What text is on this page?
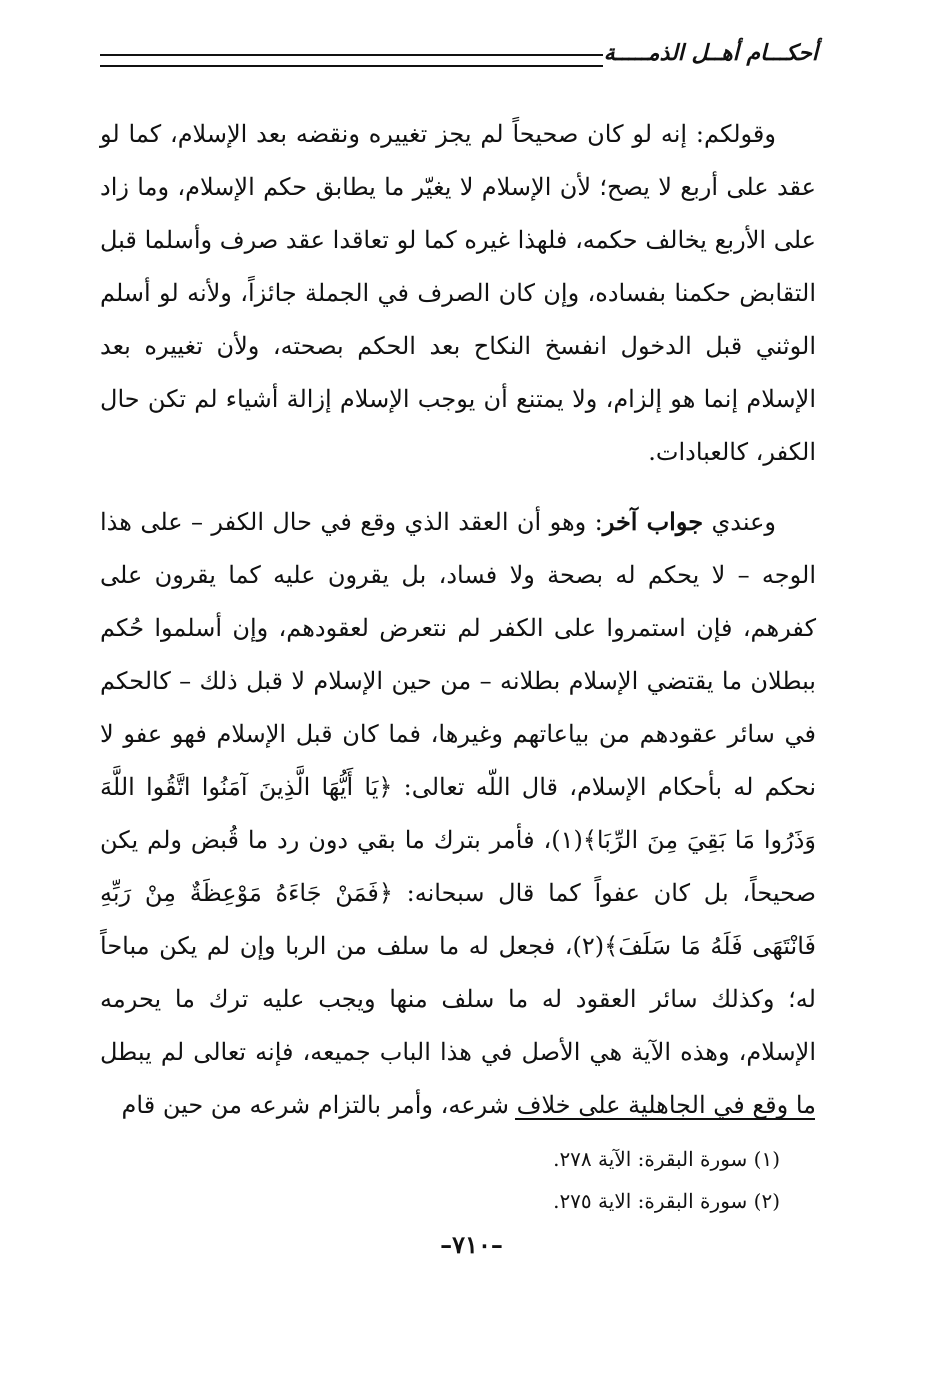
أحكـــام أهــل الذمـــــة

وقولكم: إنه لو كان صحيحاً لم يجز تغييره ونقضه بعد الإسلام، كما لو عقد على أربع لا يصح؛ لأن الإسلام لا يغيّر ما يطابق حكم الإسلام، وما زاد على الأربع يخالف حكمه، فلهذا غيره كما لو تعاقدا عقد صرف وأسلما قبل التقابض حكمنا بفساده، وإن كان الصرف في الجملة جائزاً، ولأنه لو أسلم الوثني قبل الدخول انفسخ النكاح بعد الحكم بصحته، ولأن تغييره بعد الإسلام إنما هو إلزام، ولا يمتنع أن يوجب الإسلام إزالة أشياء لم تكن حال الكفر، كالعبادات.

وعندي جواب آخر: وهو أن العقد الذي وقع في حال الكفر – على هذا الوجه – لا يحكم له بصحة ولا فساد، بل يقرون عليه كما يقرون على كفرهم، فإن استمروا على الكفر لم نتعرض لعقودهم، وإن أسلموا حُكم ببطلان ما يقتضي الإسلام بطلانه – من حين الإسلام لا قبل ذلك – كالحكم في سائر عقودهم من بياعاتهم وغيرها، فما كان قبل الإسلام فهو عفو لا نحكم له بأحكام الإسلام، قال اللّه تعالى: ﴿يَا أَيُّهَا الَّذِينَ آمَنُوا اتَّقُوا اللَّهَ وَذَرُوا مَا بَقِيَ مِنَ الرِّبَا﴾(١)، فأمر بترك ما بقي دون رد ما قُبض ولم يكن صحيحاً، بل كان عفواً كما قال سبحانه: ﴿فَمَنْ جَاءَهُ مَوْعِظَةٌ مِنْ رَبِّهِ فَانْتَهَى فَلَهُ مَا سَلَفَ﴾(٢)، فجعل له ما سلف من الربا وإن لم يكن مباحاً له؛ وكذلك سائر العقود له ما سلف منها ويجب عليه ترك ما يحرمه الإسلام، وهذه الآية هي الأصل في هذا الباب جميعه، فإنه تعالى لم يبطل ما وقع في الجاهلية على خلاف شرعه، وأمر بالتزام شرعه من حين قام

(١) سورة البقرة: الآية ٢٧٨.

(٢) سورة البقرة: الاية ٢٧٥.

–٧١٠–
